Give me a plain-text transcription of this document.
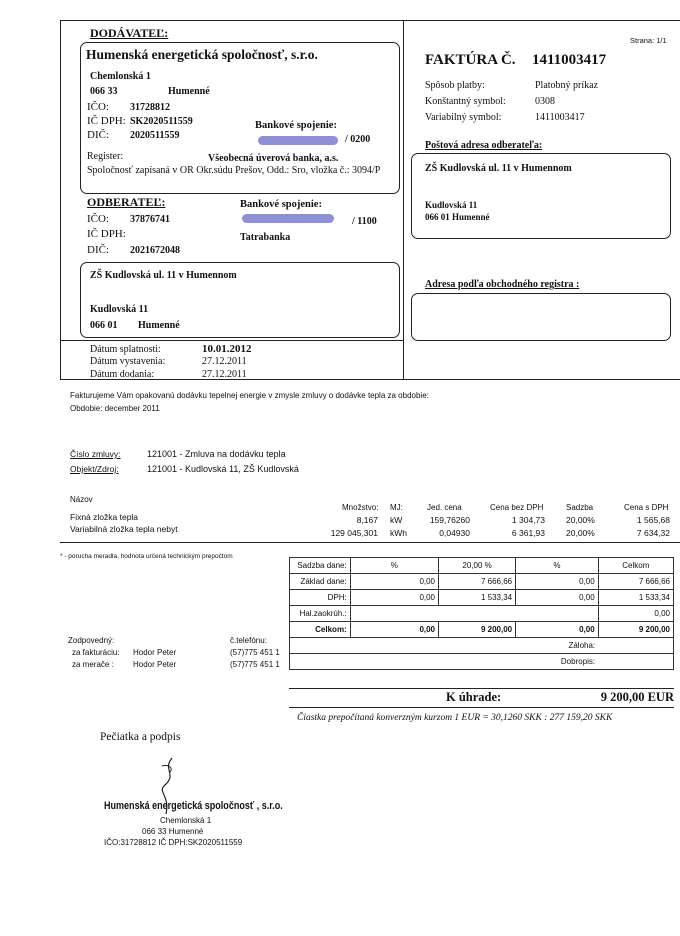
DODÁVATEĽ:
Humenská energetická spoločnosť, s.r.o.
Chemlonská 1
066 33	Humenné
IČO: 31728812
IČ DPH: SK2020511559
DIČ: 2020511559
Bankové spojenie:
/ 0200
Register:	Všeobecná úverová banka, a.s.
Spoločnosť zapísaná v OR Okr.súdu Prešov, Odd.: Sro, vložka č.: 3094/P
ODBERATEĽ:
IČO: 37876741
IČ DPH:
DIČ: 2021672048
Bankové spojenie:
/ 1100
Tatrabanka
ZŠ Kudlovská ul. 11 v Humennom
Kudlovská 11
066 01 Humenné
Dátum splatnosti:	10.01.2012
Dátum vystavenia:	27.12.2011
Dátum dodania:	27.12.2011
Strana: 1/1
FAKTÚRA Č. 1411003417
Spôsob platby:	Platobný príkaz
Konštantný symbol:	0308
Variabilný symbol:	1411003417
Poštová adresa odberateľa:
ZŠ Kudlovská ul. 11 v Humennom
Kudlovská 11
066 01 Humenné
Adresa podľa obchodného registra :
Fakturujeme Vám opakovanú dodávku tepelnej energie v zmysle zmluvy o dodávke tepla za obdobie:
Obdobie: december 2011
Číslo zmluvy:	121001 - Zmluva na dodávku tepla
Objekt/Zdroj:	121001 - Kudlovská 11, ZŠ Kudlovská
Názov
Množstvo: MJ:	Jed. cena	Cena bez DPH	Sadzba	Cena s DPH
Fixná zložka tepla	8,167 kW	159,76260	1 304,73 20,00%	1 565,68
Variabilná zložka tepla nebyt	129 045,301 kWh	0,04930	6 361,93 20,00%	7 634,32
* - porucha meradla, hodnota určená technickým prepočtom
Sadzba dane:	%	20,00 %	%	Celkom
Základ dane:	0,00	7 666,66	0,00	7 666,66
DPH:	0,00	1 533,34	0,00	1 533,34
Hal.zaokrúh.:				0,00
Celkom:	0,00	9 200,00	0,00	9 200,00
Záloha:				
Dobropis:				
Zodpovedný:	č.telefónu:
za fakturáciu: Hodor Peter	(57)775 451 1
za merače : Hodor Peter	(57)775 451 1
K úhrade:	9 200,00 EUR
Čiastka prepočítaná konverzným kurzom 1 EUR = 30,1260 SKK : 277 159,20 SKK
Pečiatka a podpis
Humenská energetická spoločnosť , s.r.o.
Chemlonská 1
066 33 Humenné
IČO:31728812 IČ DPH:SK2020511559
